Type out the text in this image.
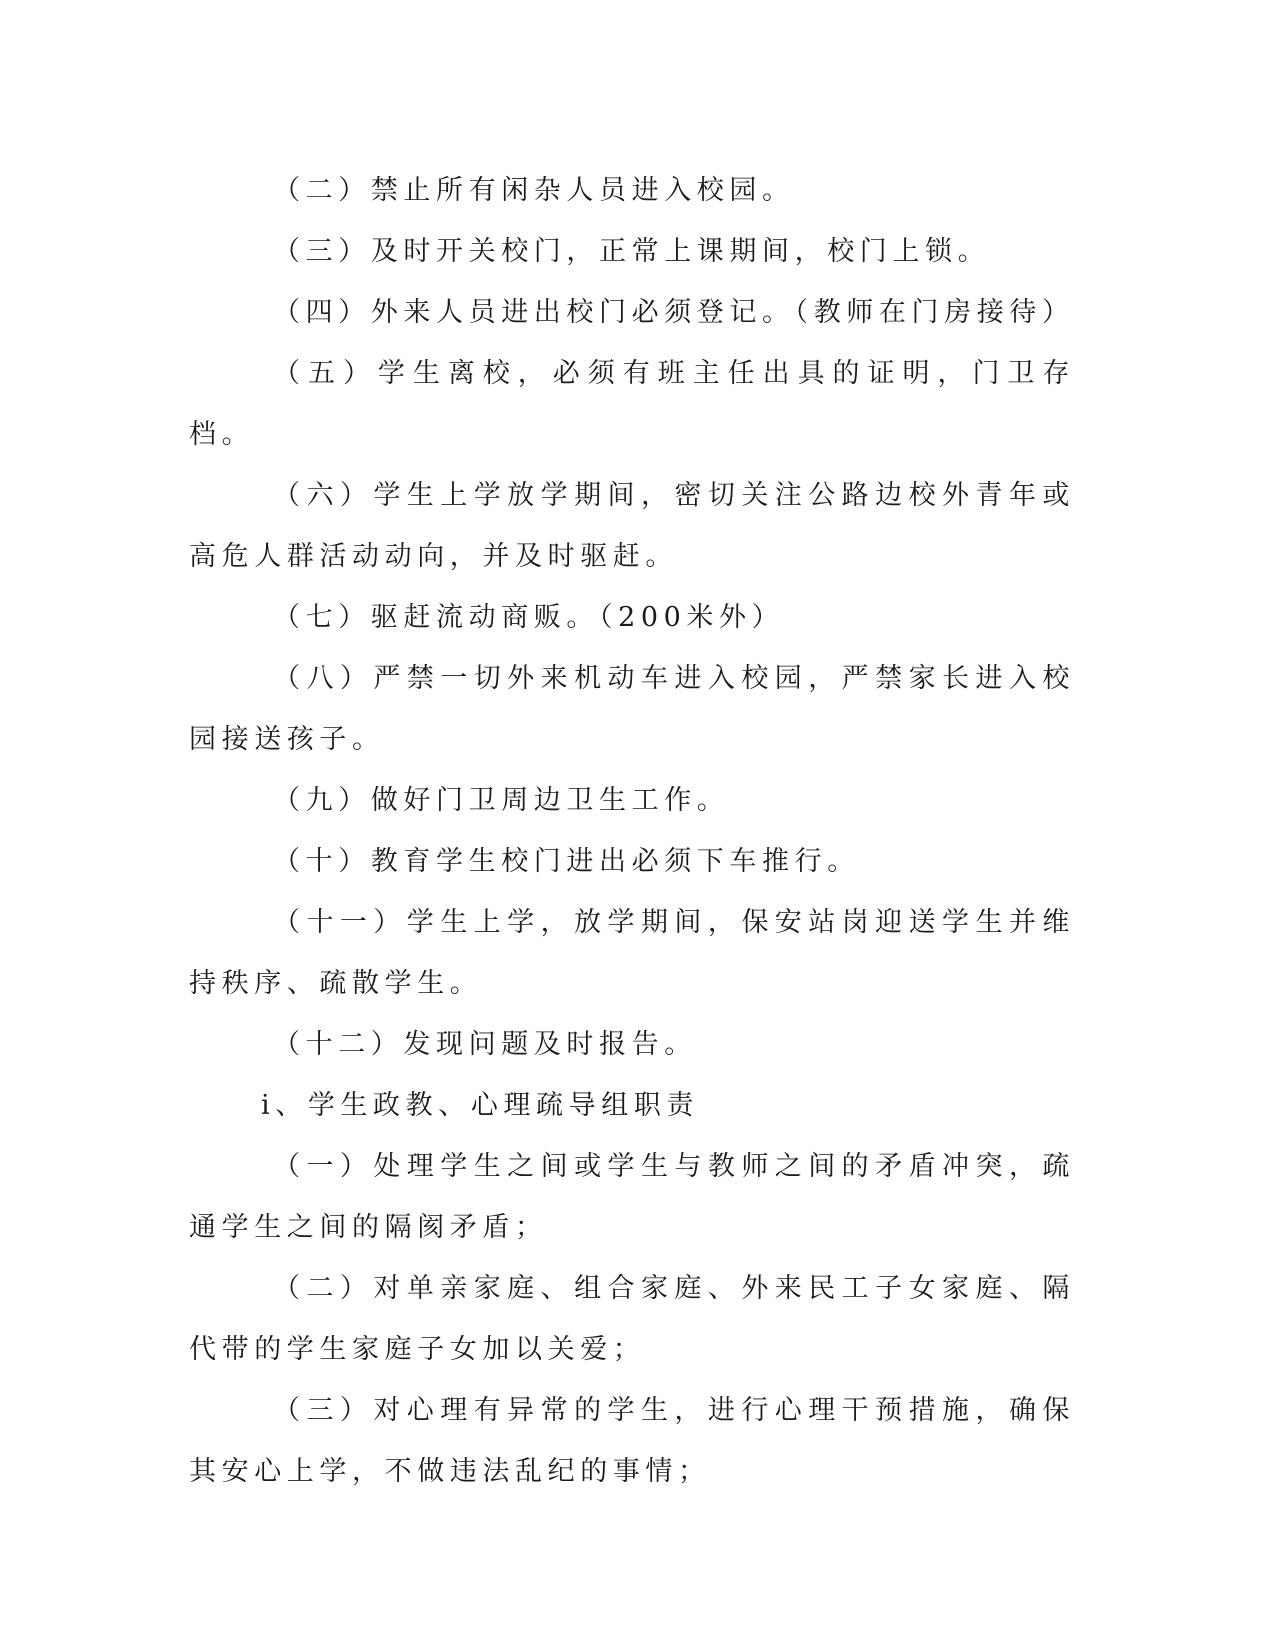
（二）禁止所有闲杂人员进入校园。

（三）及时开关校门，正常上课期间，校门上锁。

（四）外来人员进出校门必须登记。（教师在门房接待）

（五）学生离校，必须有班主任出具的证明，门卫存档。

（六）学生上学放学期间，密切关注公路边校外青年或高危人群活动动向，并及时驱赶。

（七）驱赶流动商贩。（200米外）

（八）严禁一切外来机动车进入校园，严禁家长进入校园接送孩子。

（九）做好门卫周边卫生工作。

（十）教育学生校门进出必须下车推行。

（十一）学生上学，放学期间，保安站岗迎送学生并维持秩序、疏散学生。

（十二）发现问题及时报告。

i、学生政教、心理疏导组职责

（一）处理学生之间或学生与教师之间的矛盾冲突，疏通学生之间的隔阂矛盾；

（二）对单亲家庭、组合家庭、外来民工子女家庭、隔代带的学生家庭子女加以关爱；

（三）对心理有异常的学生，进行心理干预措施，确保其安心上学，不做违法乱纪的事情；
